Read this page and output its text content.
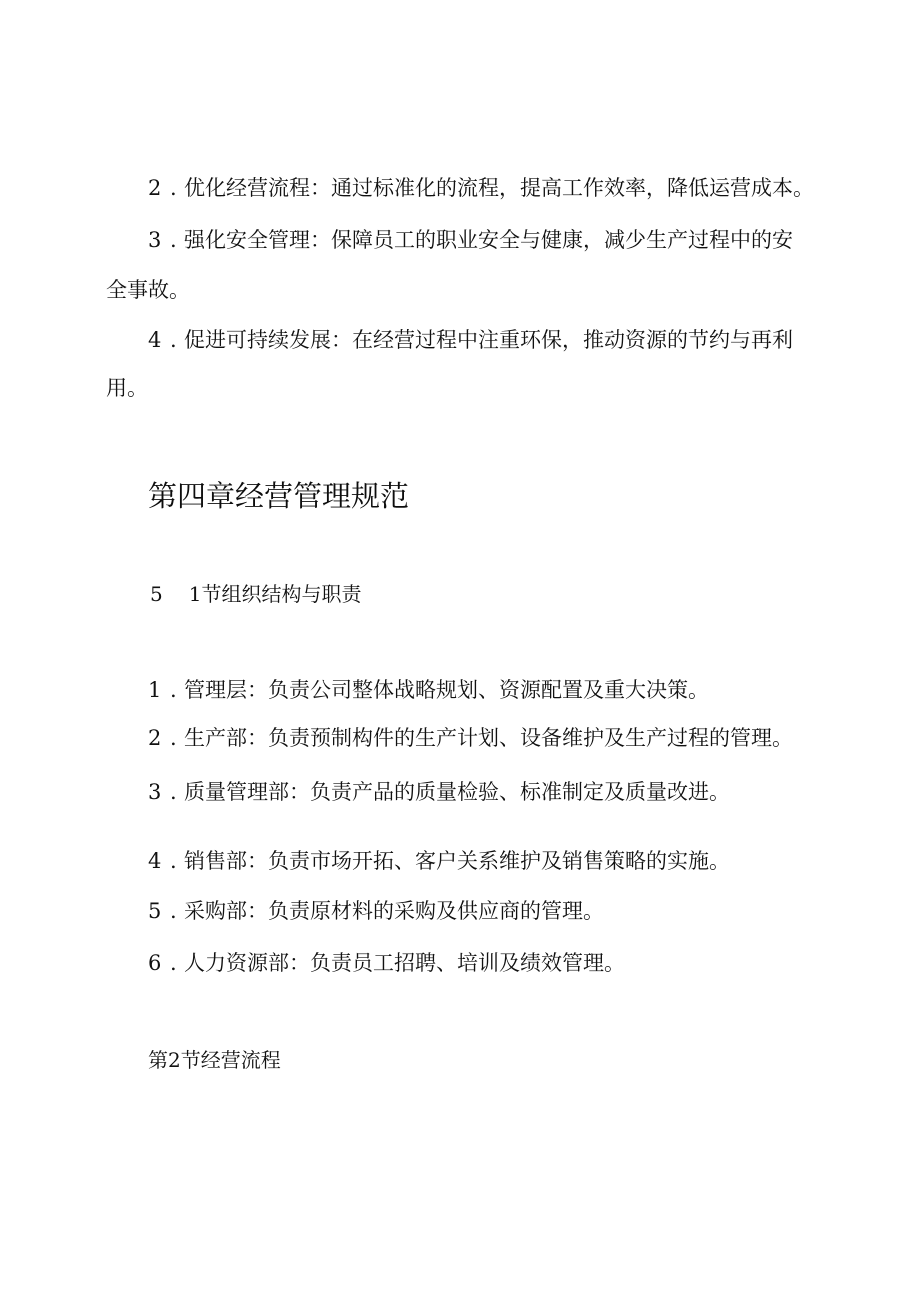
2 . 优化经营流程：通过标准化的流程，提高工作效率，降低运营成本。
3 . 强化安全管理：保障员工的职业安全与健康，减少生产过程中的安
全事故。
4 . 促进可持续发展：在经营过程中注重环保，推动资源的节约与再利
用。
第四章经营管理规范
5 1节组织结构与职责
1 . 管理层：负责公司整体战略规划、资源配置及重大决策。
2 . 生产部：负责预制构件的生产计划、设备维护及生产过程的管理。
3 . 质量管理部：负责产品的质量检验、标准制定及质量改进。
4 . 销售部：负责市场开拓、客户关系维护及销售策略的实施。
5 . 采购部：负责原材料的采购及供应商的管理。
6 . 人力资源部：负责员工招聘、培训及绩效管理。
第2节经营流程
